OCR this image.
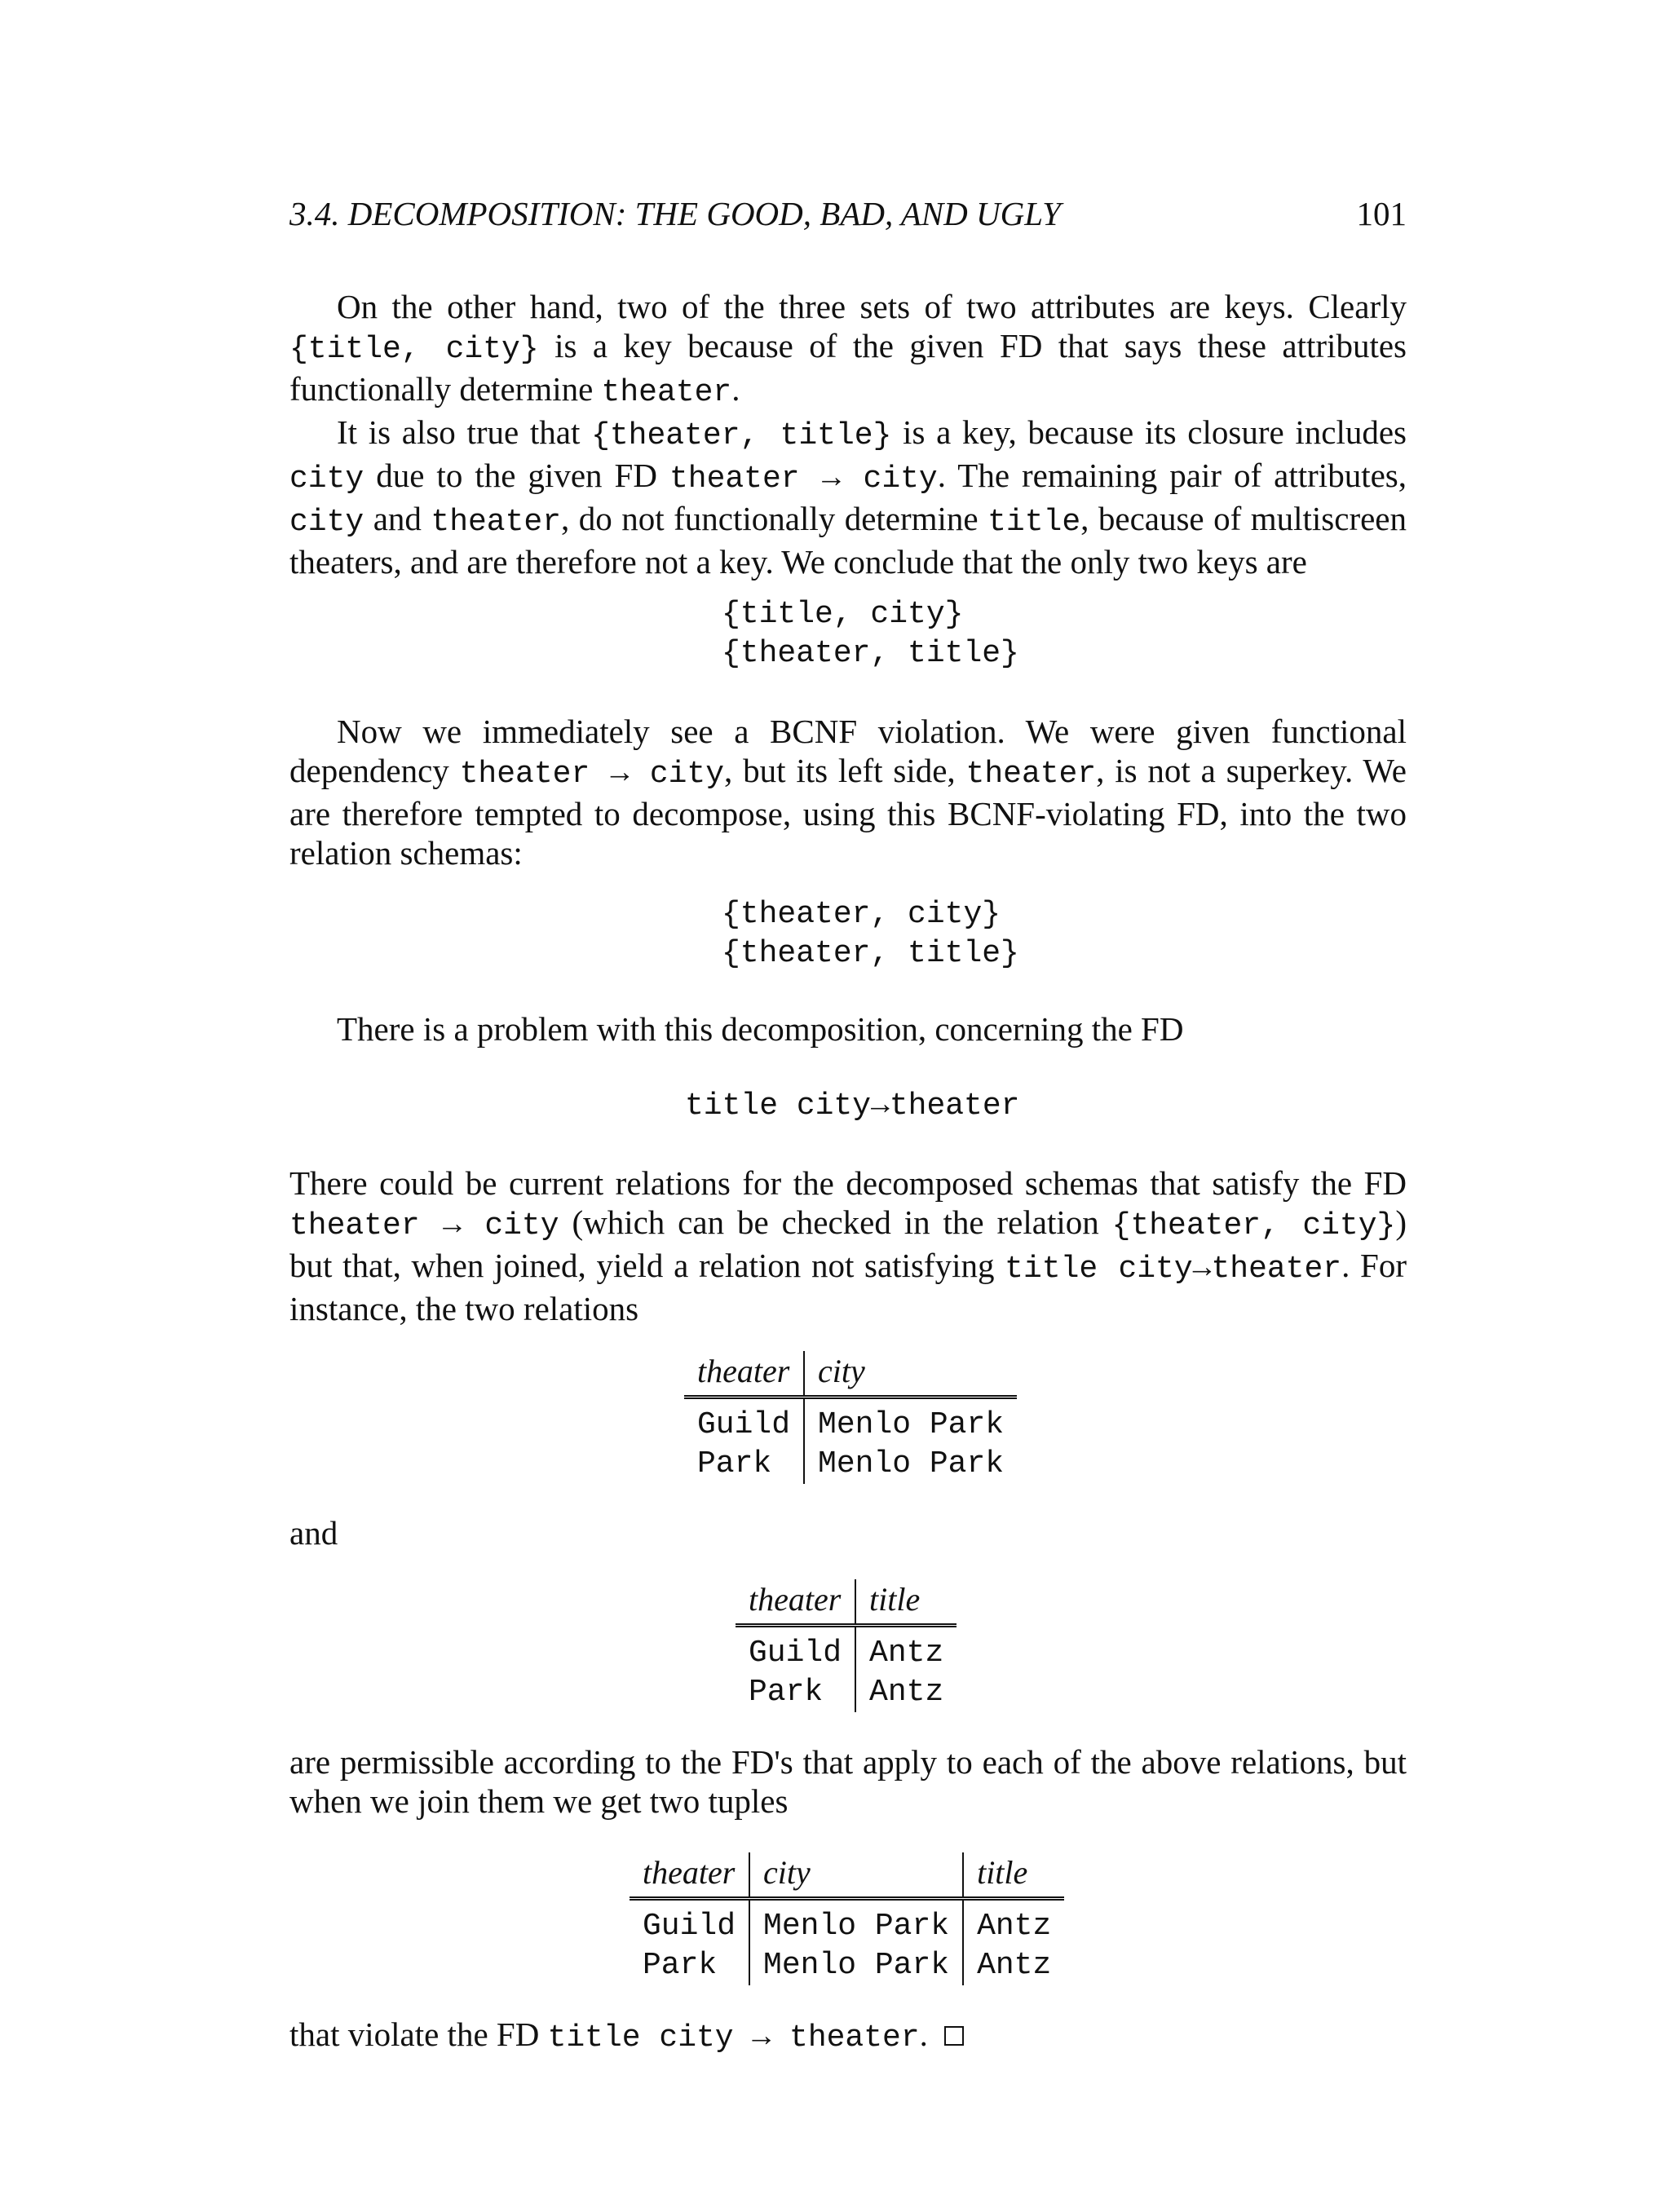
3.4. DECOMPOSITION: THE GOOD, BAD, AND UGLY	101

On the other hand, two of the three sets of two attributes are keys. Clearly {title, city} is a key because of the given FD that says these attributes functionally determine theater.

It is also true that {theater, title} is a key, because its closure includes city due to the given FD theater → city. The remaining pair of attributes, city and theater, do not functionally determine title, because of multiscreen theaters, and are therefore not a key. We conclude that the only two keys are

{title, city}
{theater, title}

Now we immediately see a BCNF violation. We were given functional dependency theater → city, but its left side, theater, is not a superkey. We are therefore tempted to decompose, using this BCNF-violating FD, into the two relation schemas:

{theater, city}
{theater, title}

There is a problem with this decomposition, concerning the FD

title city→theater

There could be current relations for the decomposed schemas that satisfy the FD theater → city (which can be checked in the relation {theater, city}) but that, when joined, yield a relation not satisfying title city→theater. For instance, the two relations

theater	city
Guild	Menlo Park
Park	Menlo Park
and
theater	title
Guild	Antz
Park	Antz

are permissible according to the FD's that apply to each of the above relations, but when we join them we get two tuples

theater	city	title
Guild	Menlo Park	Antz
Park	Menlo Park	Antz

that violate the FD title city → theater.
